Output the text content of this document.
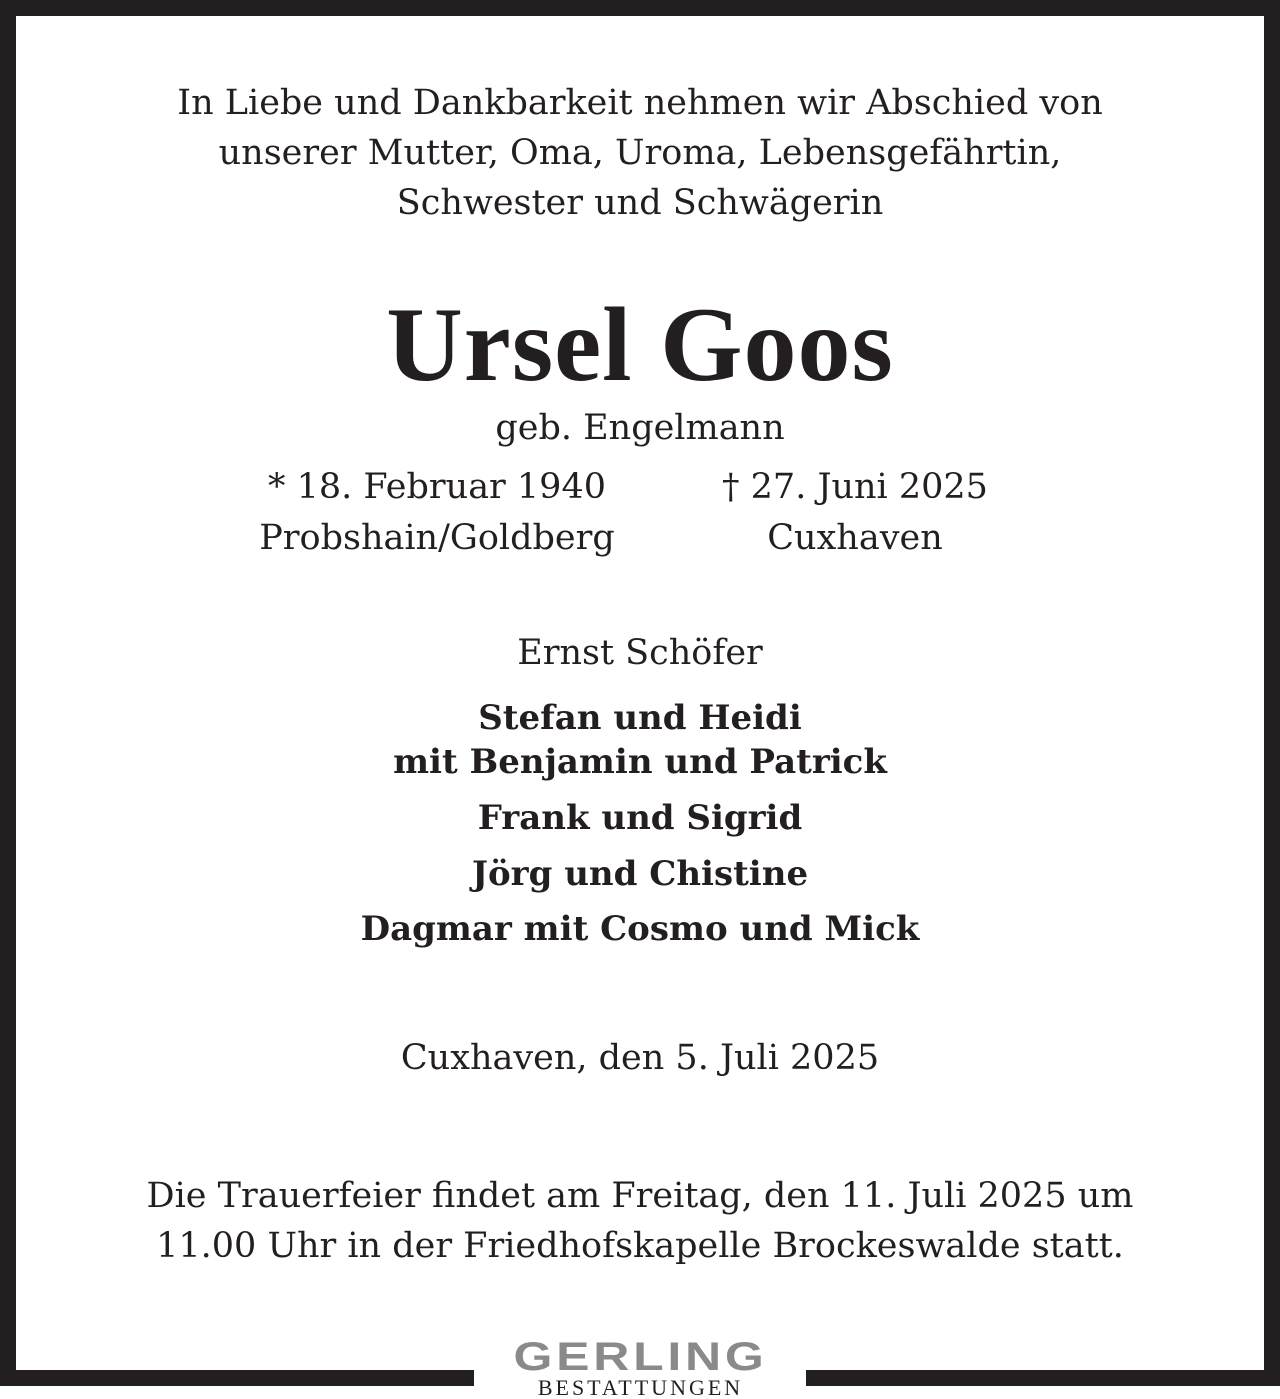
In Liebe und Dankbarkeit nehmen wir Abschied von
unserer Mutter, Oma, Uroma, Lebensgefährtin,
Schwester und Schwägerin
Ursel Goos
geb. Engelmann
* 18. Februar 1940
Probshain/Goldberg
† 27. Juni 2025
Cuxhaven
Ernst Schöfer
Stefan und Heidi
mit Benjamin und Patrick
Frank und Sigrid
Jörg und Chistine
Dagmar mit Cosmo und Mick
Cuxhaven, den 5. Juli 2025
Die Trauerfeier findet am Freitag, den 11. Juli 2025 um
11.00 Uhr in der Friedhofskapelle Brockeswalde statt.
GERLING
BESTATTUNGEN
